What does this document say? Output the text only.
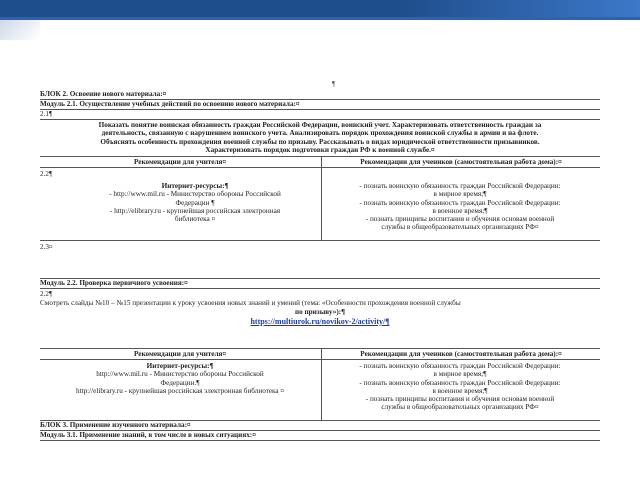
¶
БЛОК 2. Освоение нового материала:¤
Модуль 2.1. Осуществление учебных действий по освоению нового материала:¤
2.1¶
Показать понятие воинская обязанность граждан Российской Федерации, воинский учет. Характеризовать ответственность граждан за
деятельность, связанную с нарушением воинского учета. Анализировать порядок прохождения воинской службы в армии и на флоте.
Объяснять особенность прохождения военной службы по призыву. Рассказывать о видах юридической ответственности призывников.
Характеризовать порядок подготовки граждан РФ к военной службе.¤
Рекомендации для учителя¤	Рекомендации для учеников (самостоятельная работа дома):¤
2.2¶
Интернет-ресурсы:¶
- http://www.mil.ru - Министерство обороны Российской
Федерации ¶
- http://elibrary.ru - крупнейшая российская электронная
библиотека ¤
- познать воинскую обязанность граждан Российской Федерации:
в мирное время;¶
- познать воинскую обязанность граждан Российской Федерации:
в военное время;¶
- познать принципы воспитания и обучения основам военной
службы в общеобразовательных организациях РФ¤
2.3¤
Модуль 2.2. Проверка первичного усвоения:¤
2.2¶
Смотреть слайды №10 – №15 презентации к уроку усвоения новых знаний и умений (тема: «Особенности прохождения военной службы
по призыву»):¶
https://multiurok.ru/novikov-2/activity/¶
Рекомендации для учителя¤	Рекомендации для учеников (самостоятельная работа дома):¤
Интернет-ресурсы:¶
http://www.mil.ru - Министерство обороны Российской
Федерации.¶
http://elibrary.ru - крупнейшая российская электронная библиотека ¤
- познать воинскую обязанность граждан Российской Федерации:
в мирное время;¶
- познать воинскую обязанность граждан Российской Федерации:
в военное время;¶
- познать принципы воспитания и обучения основам военной
службы в общеобразовательных организациях РФ¤
БЛОК 3. Применение изученного материала:¤
Модуль 3.1. Применение знаний, в том числе в новых ситуациях:¤
